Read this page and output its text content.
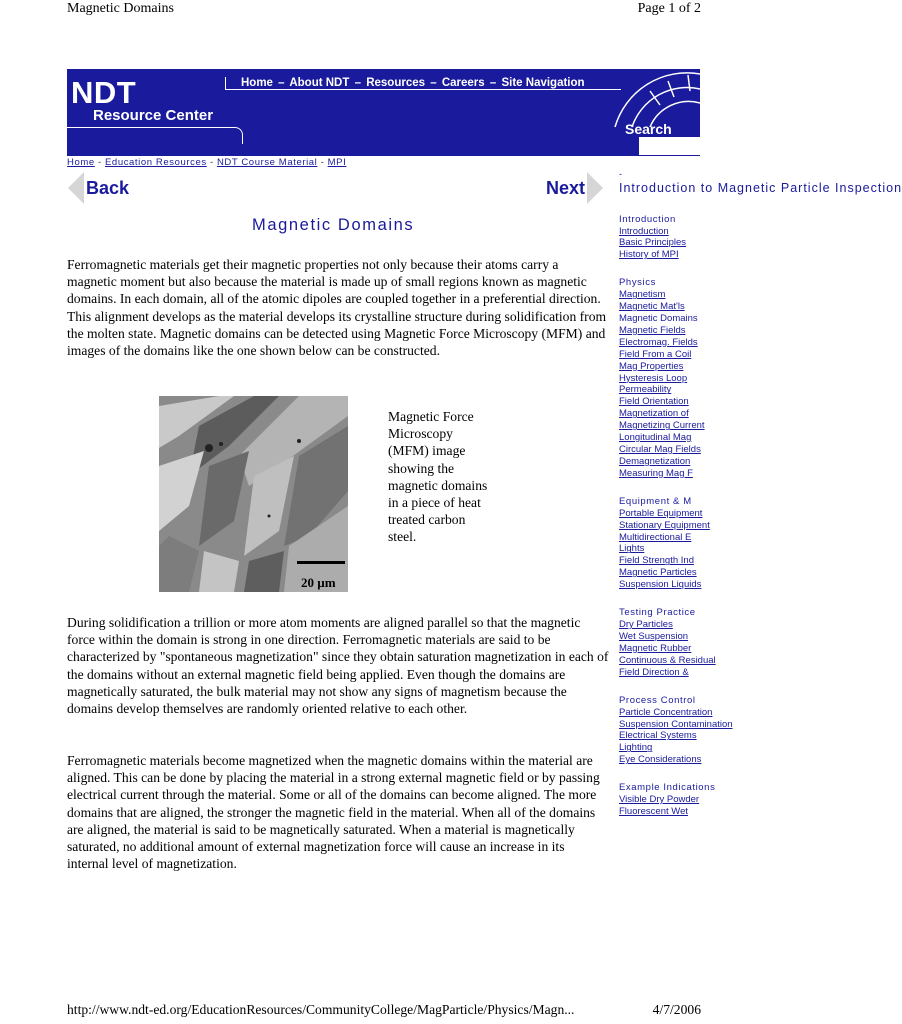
Magnetic Domains	Page 1 of 2
NDT
Resource Center
Home – About NDT – Resources – Careers – Site Navigation
Search
Home - Education Resources - NDT Course Material - MPI
Back	Next
Magnetic Domains

Ferromagnetic materials get their magnetic properties not only because their atoms carry a magnetic moment but also because the material is made up of small regions known as magnetic domains. In each domain, all of the atomic dipoles are coupled together in a preferential direction. This alignment develops as the material develops its crystalline structure during solidification from the molten state. Magnetic domains can be detected using Magnetic Force Microscopy (MFM) and images of the domains like the one shown below can be constructed.

20 µm
Magnetic Force Microscopy (MFM) image showing the magnetic domains in a piece of heat treated carbon steel.

During solidification a trillion or more atom moments are aligned parallel so that the magnetic force within the domain is strong in one direction. Ferromagnetic materials are said to be characterized by "spontaneous magnetization" since they obtain saturation magnetization in each of the domains without an external magnetic field being applied. Even though the domains are magnetically saturated, the bulk material may not show any signs of magnetism because the domains develop themselves are randomly oriented relative to each other.

Ferromagnetic materials become magnetized when the magnetic domains within the material are aligned. This can be done by placing the material in a strong external magnetic field or by passing electrical current through the material. Some or all of the domains can become aligned. The more domains that are aligned, the stronger the magnetic field in the material. When all of the domains are aligned, the material is said to be magnetically saturated. When a material is magnetically saturated, no additional amount of external magnetization force will cause an increase in its internal level of magnetization.

-
Introduction to Magnetic Particle Inspection
Introduction
Introduction
Basic Principles
History of MPI
Physics
Magnetism
Magnetic Mat'ls
Magnetic Domains
Magnetic Fields
Electromag. Fields
Field From a Coil
Mag Properties
Hysteresis Loop
Permeability
Field Orientation
Magnetization of
Magnetizing Current
Longitudinal Mag
Circular Mag Fields
Demagnetization
Measuring Mag F
Equipment & M
Portable Equipment
Stationary Equipment
Multidirectional E
Lights
Field Strength Ind
Magnetic Particles
Suspension Liquids
Testing Practice
Dry Particles
Wet Suspension
Magnetic Rubber
Continuous & Residual
Field Direction &
Process Control
Particle Concentration
Suspension Contamination
Electrical Systems
Lighting
Eye Considerations
Example Indications
Visible Dry Powder
Fluorescent Wet
http://www.ndt-ed.org/EducationResources/CommunityCollege/MagParticle/Physics/Magn...	4/7/2006
